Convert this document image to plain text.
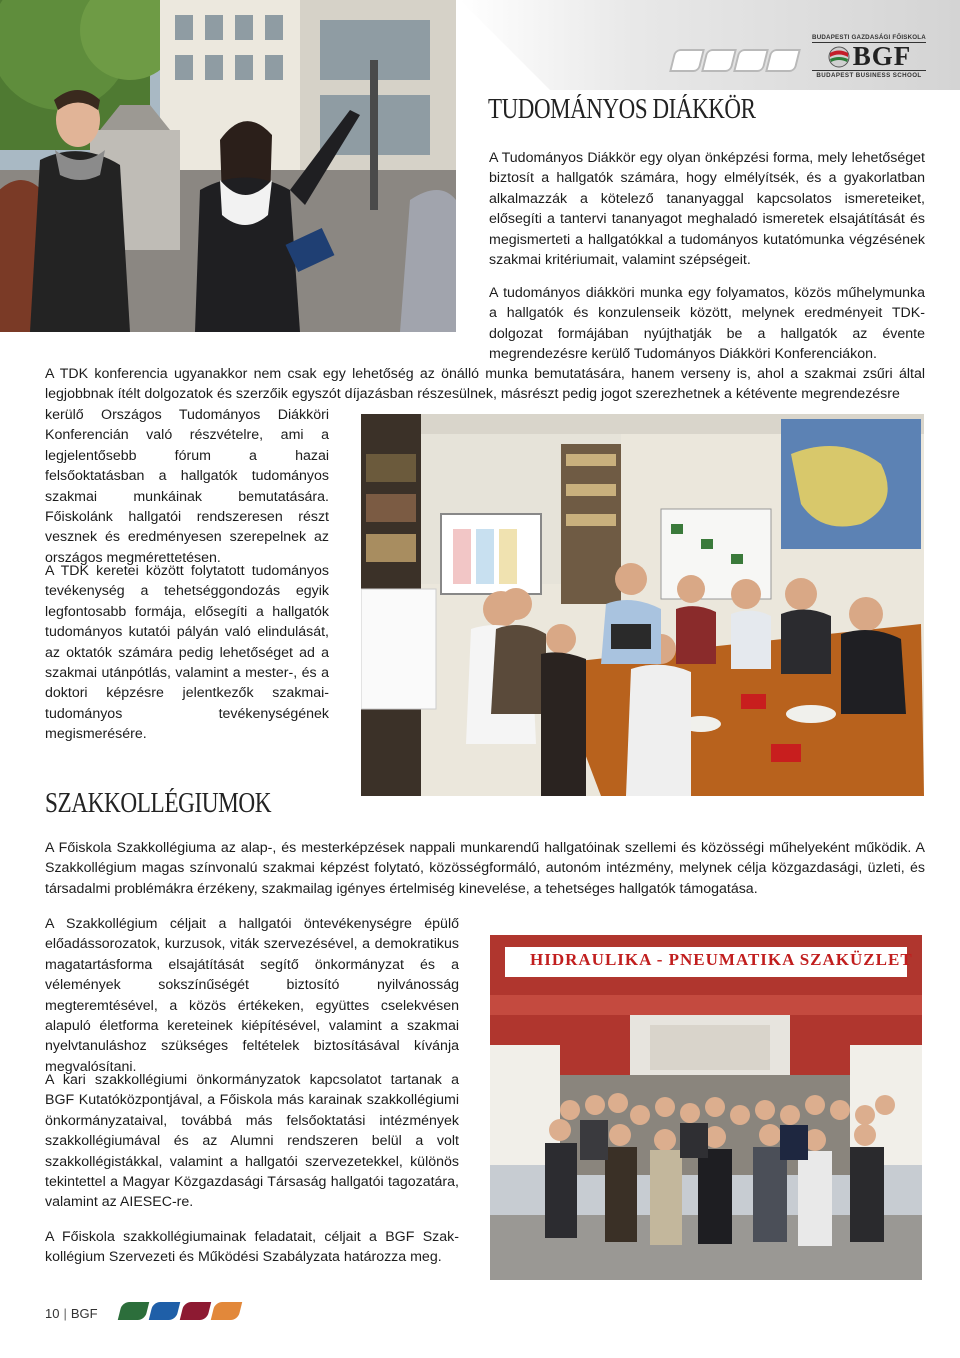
BUDAPESTI GAZDASÁGI FŐISKOLA
BGF
BUDAPEST BUSINESS SCHOOL
TUDOMÁNYOS DIÁKKÖR

A Tudományos Diákkör egy olyan önképzési forma, mely lehetőséget biztosít a hallgatók számára, hogy elmélyítsék, és a gyakorlatban alkalmazzák a kötelező tananyaggal kapcsolatos ismereteiket, elősegíti a tantervi tananyagot meghaladó ismeretek elsajátítását és megismerteti a hallgatókkal a tudományos kutatómunka végzésének szakmai kritériumait, valamint szépségeit.

A tudományos diákköri munka egy folyamatos, közös műhelymunka a hallgatók és konzulenseik között, melynek eredményeit TDK-dolgozat formájában nyújthatják be a hallgatók az évente megrendezésre kerülő Tudományos Diákköri Konferenciákon.

A TDK konferencia ugyanakkor nem csak egy lehetőség az önálló munka bemutatására, hanem verseny is, ahol a szakmai zsűri által legjobbnak ítélt dolgozatok és szerzőik egyszót díjazásban részesülnek, másrészt pedig jogot szerezhetnek a kétévente megrendezésre

kerülő Országos Tudományos Diákköri Konferencián való részvételre, ami a legjelentősebb fórum a hazai felsőoktatásban a hallgatók tudományos szakmai munkáinak bemutatására. Főiskolánk hallgatói rendszeresen részt vesznek és eredményesen szerepelnek az országos megmérettetésen.

A TDK keretei között folytatott tudományos tevékenység a tehetséggondozás egyik legfontosabb formája, elősegíti a hallgatók tudományos kutatói pályán való elindulását, az oktatók számára pedig lehetőséget ad a szakmai utánpótlás, valamint a mester-, és a doktori képzésre jelentkezők szakmai-tudományos tevékenységének megismerésére.

SZAKKOLLÉGIUMOK

A Főiskola Szakkollégiuma az alap-, és mesterképzések nappali munkarendű hallgatóinak szellemi és közösségi műhelyeként működik. A Szakkollégium magas színvonalú szakmai képzést folytató, közösségformáló, autonóm intézmény, melynek célja közgazdasági, üzleti, és társadalmi problémákra érzékeny, szakmailag igényes értelmiség kinevelése, a tehetséges hallgatók támogatása.

A Szakkollégium céljait a hallgatói öntevékenységre épülő előadássorozatok, kurzusok, viták szervezésével, a demokratikus magatartásforma elsajátítását segítő önkormányzat és a vélemények sokszínűségét biztosító nyilvánosság megteremtésével, a közös értékeken, együttes cselekvésen alapuló életforma kereteinek kiépítésével, valamint a szakmai nyelvtanuláshoz szükséges feltételek biztosításával kívánja megvalósítani.

A kari szakkollégiumi önkormányzatok kapcsolatot tartanak a BGF Kutatóközpontjával, a Főiskola más karainak szakkollégiumi önkormányzataival, továbbá más felsőoktatási intézmények szakkollégiumával és az Alumni rendszeren belül a volt szakkollégistákkal, valamint a hallgatói szervezetekkel, különös tekintettel a Magyar Közgazdasági Társaság hallgatói tagozatára, valamint az AIESEC-re.

A Főiskola szakkollégiumainak feladatait, céljait a BGF Szak- kollégium Szervezeti és Működési Szabályzata határozza meg.

HIDRAULIKA - PNEUMATIKA SZAKÜZLET
10 | BGF
